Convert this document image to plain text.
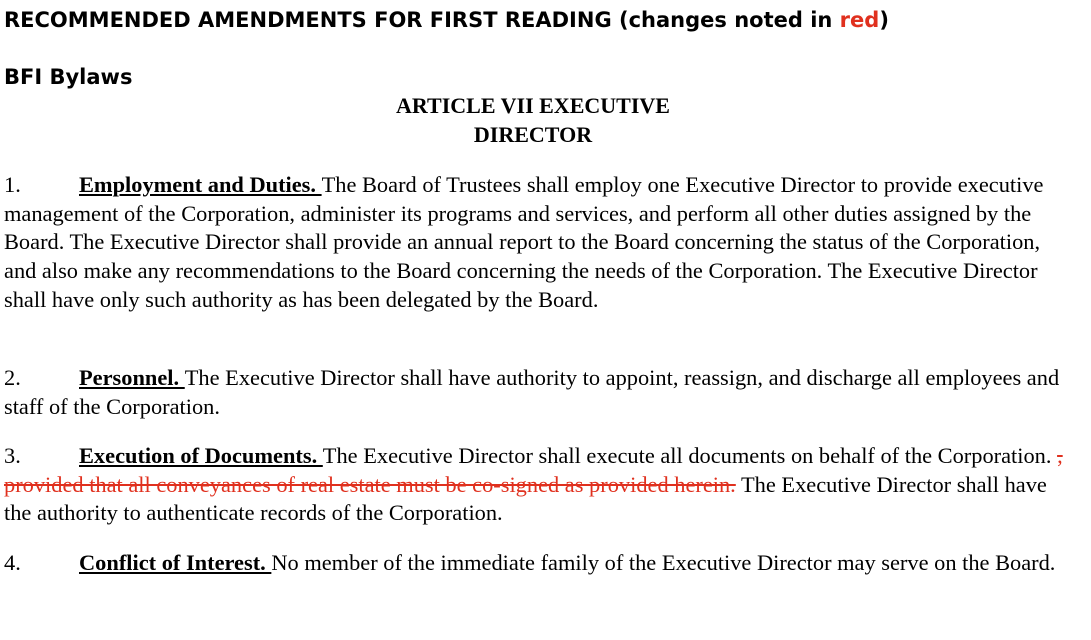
RECOMMENDED AMENDMENTS FOR FIRST READING (changes noted in red)
BFI Bylaws
ARTICLE VII EXECUTIVE
DIRECTOR
1.	Employment and Duties. The Board of Trustees shall employ one Executive Director to provide executive management of the Corporation, administer its programs and services, and perform all other duties assigned by the Board. The Executive Director shall provide an annual report to the Board concerning the status of the Corporation, and also make any recommendations to the Board concerning the needs of the Corporation. The Executive Director shall have only such authority as has been delegated by the Board.
2.	Personnel. The Executive Director shall have authority to appoint, reassign, and discharge all employees and staff of the Corporation.
3.	Execution of Documents. The Executive Director shall execute all documents on behalf of the Corporation. , provided that all conveyances of real estate must be co-signed as provided herein. The Executive Director shall have the authority to authenticate records of the Corporation.
4.	Conflict of Interest. No member of the immediate family of the Executive Director may serve on the Board.
